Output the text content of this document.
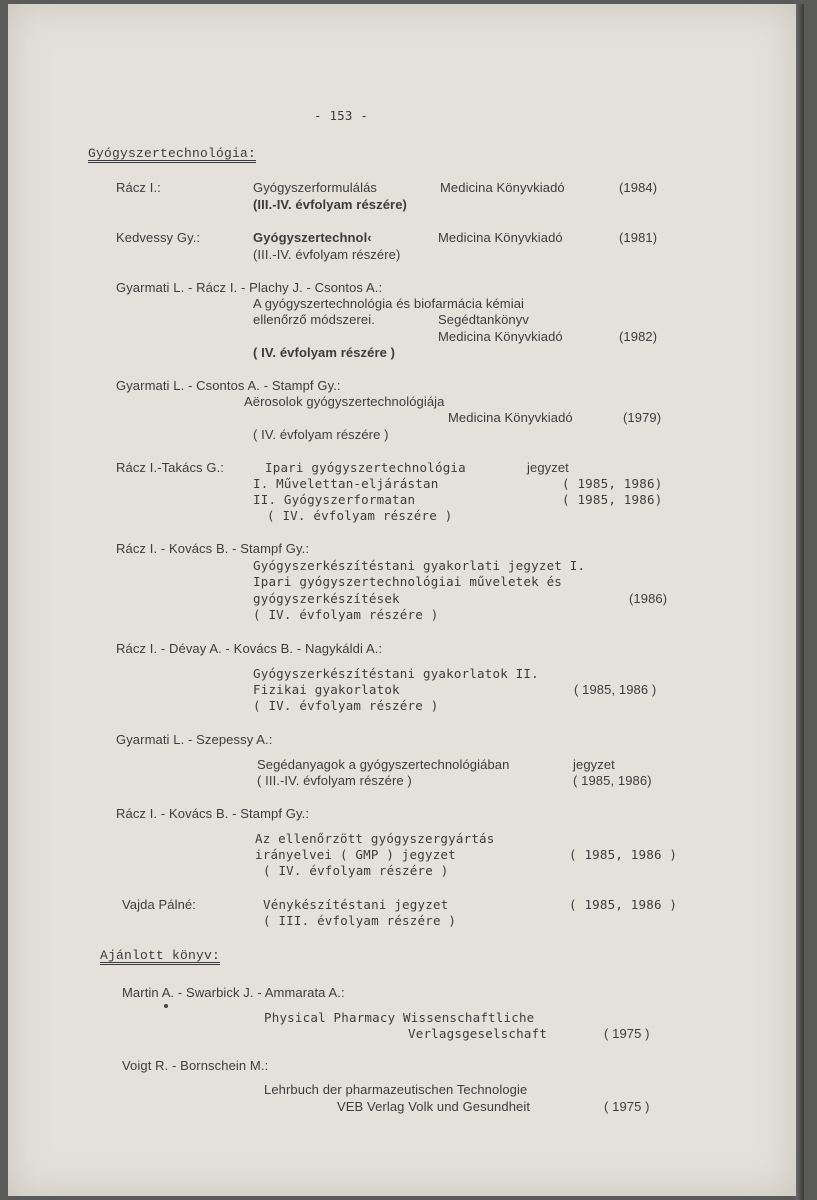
- 153 -
Gyógyszertechnológia:
Rácz I.:	Gyógyszerformulálás	Medicina Könyvkiadó	(1984)
(III.-IV. évfolyam részére)
Kedvessy Gy.:	Gyógyszertechnol‹	Medicina Könyvkiadó	(1981)
(III.-IV. évfolyam részére)
Gyarmati L. - Rácz I. - Plachy J. - Csontos A.:
A gyógyszertechnológia és biofarmácia kémiai
ellenőrző módszerei.	Segédtankönyv
Medicina Könyvkiadó	(1982)
( IV. évfolyam részére )
Gyarmati L. - Csontos A. - Stampf Gy.:
Aërosolok gyógyszertechnológiája
Medicina Könyvkiadó	(1979)
( IV. évfolyam részére )
Rácz I.-Takács G.:	Ipari gyógyszertechnológia	jegyzet
I. Művelettan-eljárástan	( 1985, 1986)
II. Gyógyszerformatan	( 1985, 1986)
( IV. évfolyam részére )
Rácz I. - Kovács B. - Stampf Gy.:
Gyógyszerkészítéstani gyakorlati jegyzet I.
Ipari gyógyszertechnológiai műveletek és
gyógyszerkészítések	(1986)
( IV. évfolyam részére )
Rácz I. - Dévay A. - Kovács B. - Nagykáldi A.:
Gyógyszerkészítéstani gyakorlatok II.
Fizikai gyakorlatok	( 1985, 1986 )
( IV. évfolyam részére )
Gyarmati L. - Szepessy A.:
Segédanyagok a gyógyszertechnológiában	jegyzet
( III.-IV. évfolyam részére )	( 1985, 1986)
Rácz I. - Kovács B. - Stampf Gy.:
Az ellenőrzött gyógyszergyártás
irányelvei ( GMP ) jegyzet	( 1985, 1986 )
( IV. évfolyam részére )
Vajda Pálné:	Vénykészítéstani jegyzet	( 1985, 1986 )
( III. évfolyam részére )
Ajánlott könyv:
Martin A. - Swarbick J. - Ammarata A.:
Physical Pharmacy Wissenschaftliche
Verlagsgeselschaft	( 1975 )
Voigt R. - Bornschein M.:
Lehrbuch der pharmazeutischen Technologie
VEB Verlag Volk und Gesundheit	( 1975 )
